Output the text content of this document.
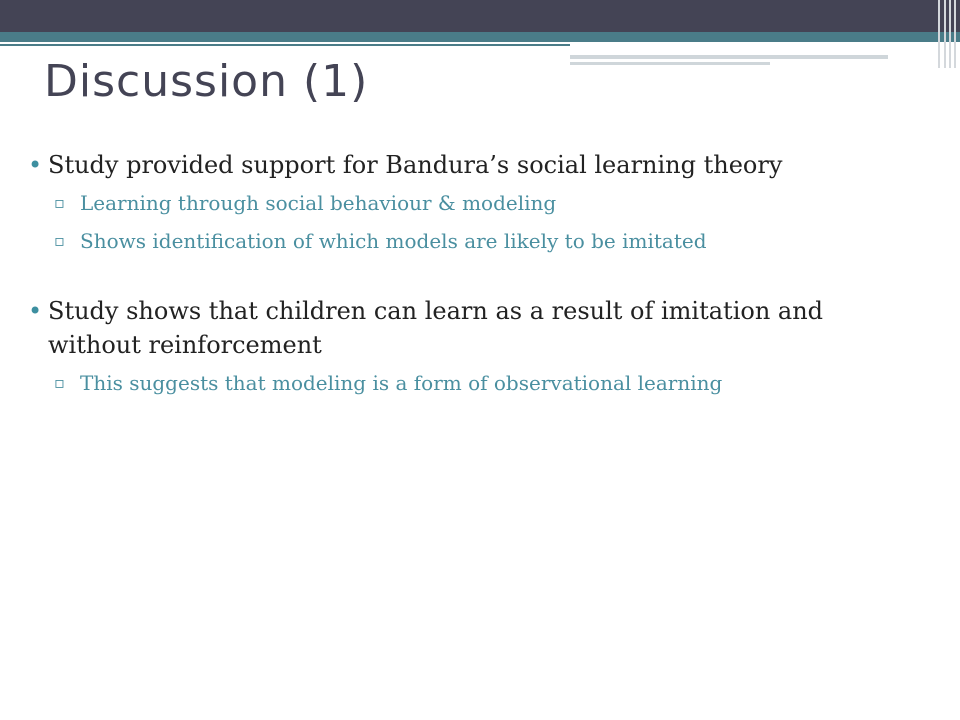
Discussion (1)
• Study provided support for Bandura’s social learning theory
▫ Learning through social behaviour & modeling
▫ Shows identification of which models are likely to be imitated
• Study shows that children can learn as a result of imitation and without reinforcement
▫ This suggests that modeling is a form of observational learning
